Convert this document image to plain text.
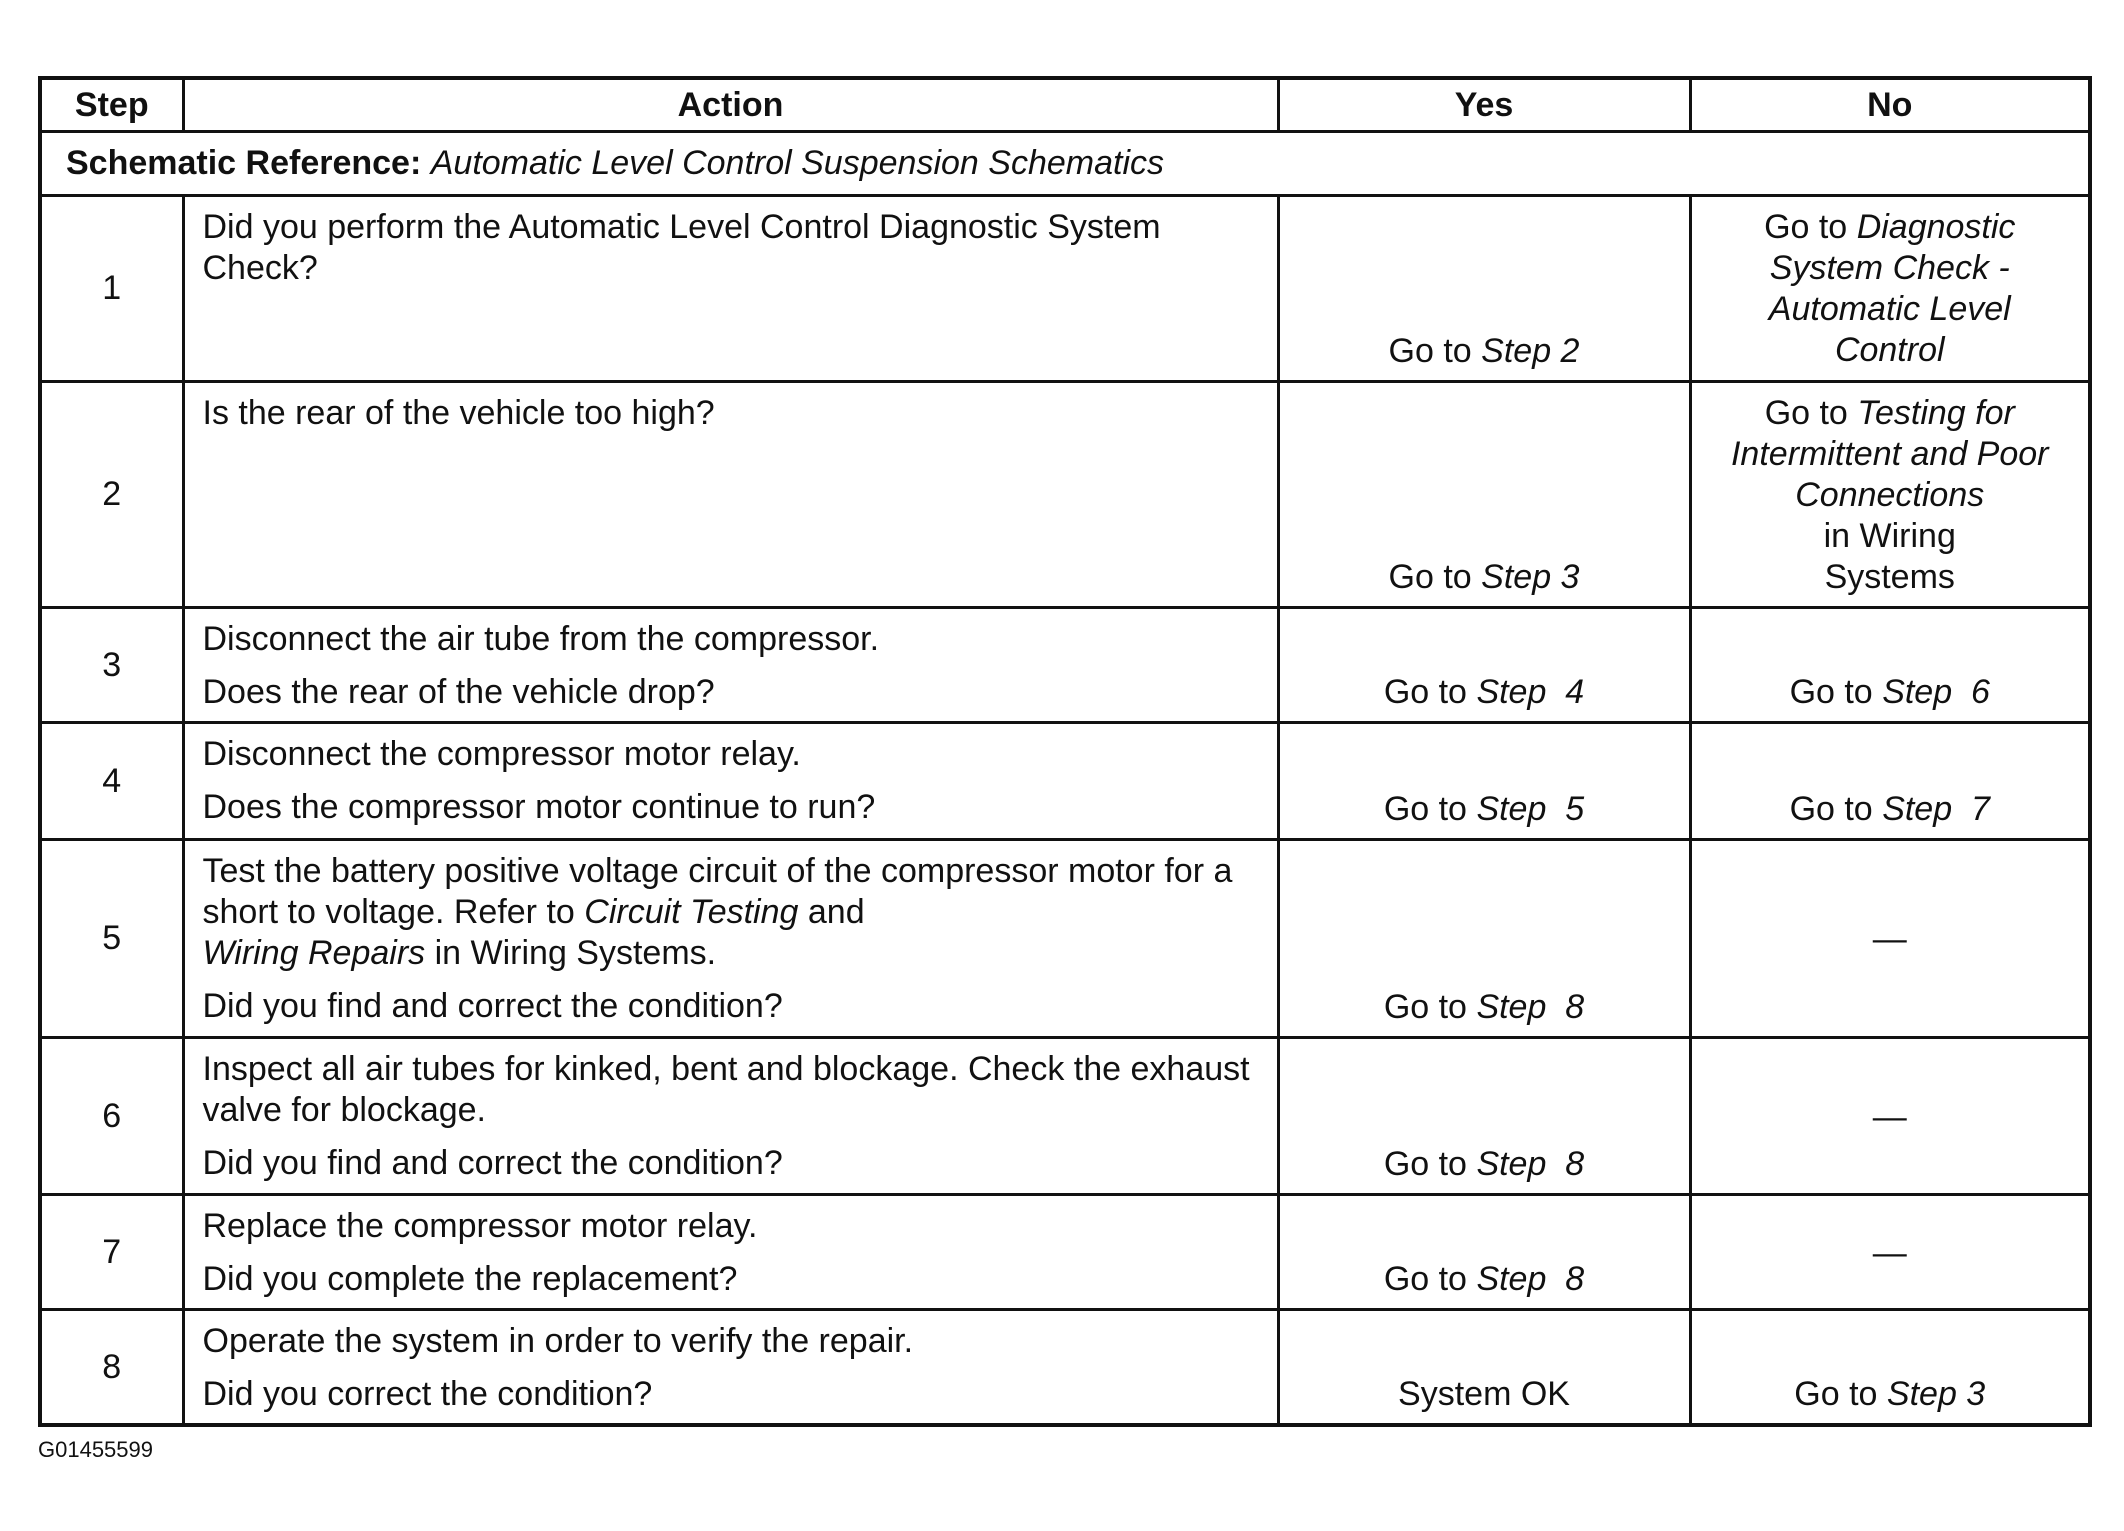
Step	Action	Yes	No
Schematic Reference: Automatic Level Control Suspension Schematics			
1	Did you perform the Automatic Level Control Diagnostic System Check?	Go to Step 2	Go to Diagnostic
System Check -
Automatic Level
Control
2	Is the rear of the vehicle too high?	Go to Step 3	Go to Testing for
Intermittent and Poor
Connections
in Wiring
Systems
3	Disconnect the air tube from the compressor.
Does the rear of the vehicle drop?	Go to Step  4	Go to Step  6
4	Disconnect the compressor motor relay.
Does the compressor motor continue to run?	Go to Step  5	Go to Step  7
5	Test the battery positive voltage circuit of the compressor motor for a short to voltage. Refer to Circuit Testing and
Wiring Repairs in Wiring Systems.
Did you find and correct the condition?	Go to Step  8	—
6	Inspect all air tubes for kinked, bent and blockage. Check the exhaust valve for blockage.
Did you find and correct the condition?	Go to Step  8	—
7	Replace the compressor motor relay.
Did you complete the replacement?	Go to Step  8	—
8	Operate the system in order to verify the repair.
Did you correct the condition?	System OK	Go to Step 3
G01455599
